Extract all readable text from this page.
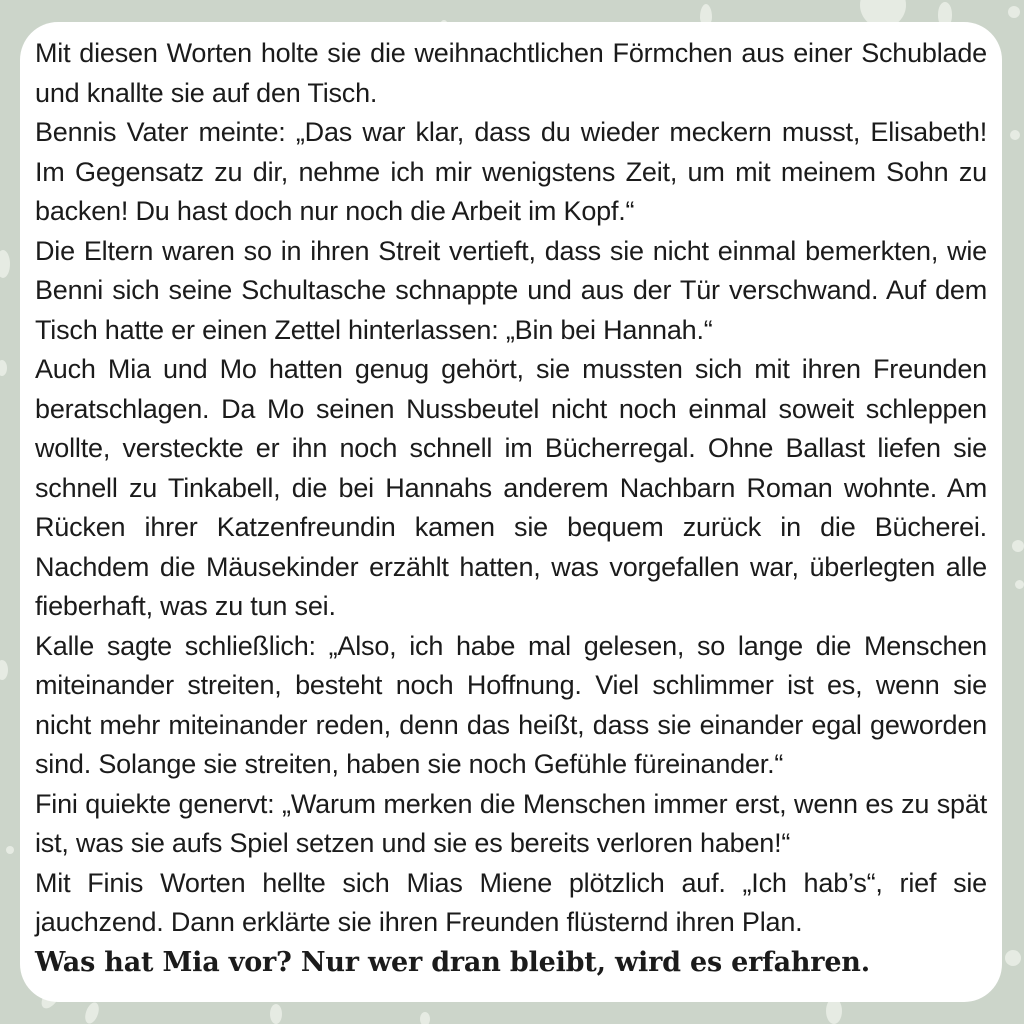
Mit diesen Worten holte sie die weihnachtlichen Förmchen aus einer Schublade und knallte sie auf den Tisch.

Bennis Vater meinte: „Das war klar, dass du wieder meckern musst, Elisabeth! Im Gegensatz zu dir, nehme ich mir wenigstens Zeit, um mit meinem Sohn zu backen! Du hast doch nur noch die Arbeit im Kopf.“

Die Eltern waren so in ihren Streit vertieft, dass sie nicht einmal bemerkten, wie Benni sich seine Schultasche schnappte und aus der Tür verschwand. Auf dem Tisch hatte er einen Zettel hinterlassen: „Bin bei Hannah.“

Auch Mia und Mo hatten genug gehört, sie mussten sich mit ihren Freunden beratschlagen. Da Mo seinen Nussbeutel nicht noch einmal soweit schleppen wollte, versteckte er ihn noch schnell im Bücherregal. Ohne Ballast liefen sie schnell zu Tinkabell, die bei Hannahs anderem Nachbarn Roman wohnte. Am Rücken ihrer Katzenfreundin kamen sie bequem zurück in die Bücherei. Nachdem die Mäusekinder erzählt hatten, was vorgefallen war, überlegten alle fieberhaft, was zu tun sei.

Kalle sagte schließlich: „Also, ich habe mal gelesen, so lange die Menschen miteinander streiten, besteht noch Hoffnung. Viel schlimmer ist es, wenn sie nicht mehr miteinander reden, denn das heißt, dass sie einander egal geworden sind. Solange sie streiten, haben sie noch Gefühle füreinander.“

Fini quiekte genervt: „Warum merken die Menschen immer erst, wenn es zu spät ist, was sie aufs Spiel setzen und sie es bereits verloren haben!“

Mit Finis Worten hellte sich Mias Miene plötzlich auf. „Ich hab’s“, rief sie jauchzend. Dann erklärte sie ihren Freunden flüsternd ihren Plan.

Was hat Mia vor? Nur wer dran bleibt, wird es erfahren.
